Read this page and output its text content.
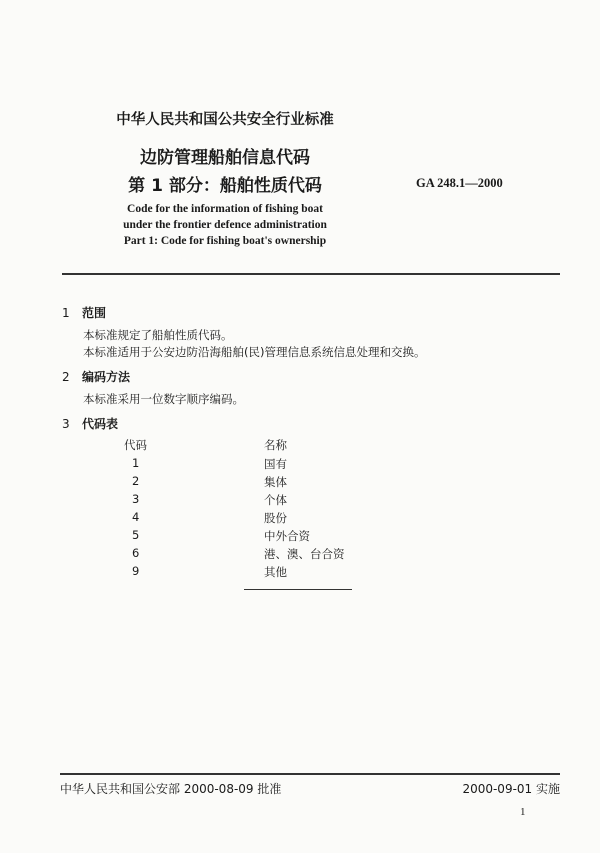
中华人民共和国公共安全行业标准
边防管理船舶信息代码
第 1 部分：船舶性质代码	GA 248.1—2000
Code for the information of fishing boat
under the frontier defence administration
Part 1: Code for fishing boat's ownership
1 范围
本标准规定了船舶性质代码。
本标准适用于公安边防沿海船舶(民)管理信息系统信息处理和交换。
2 编码方法
本标准采用一位数字顺序编码。
3 代码表
代码	名称
1	国有
2	集体
3	个体
4	股份
5	中外合资
6	港、澳、台合资
9	其他
中华人民共和国公安部 2000-08-09 批准	2000-09-01 实施
1
